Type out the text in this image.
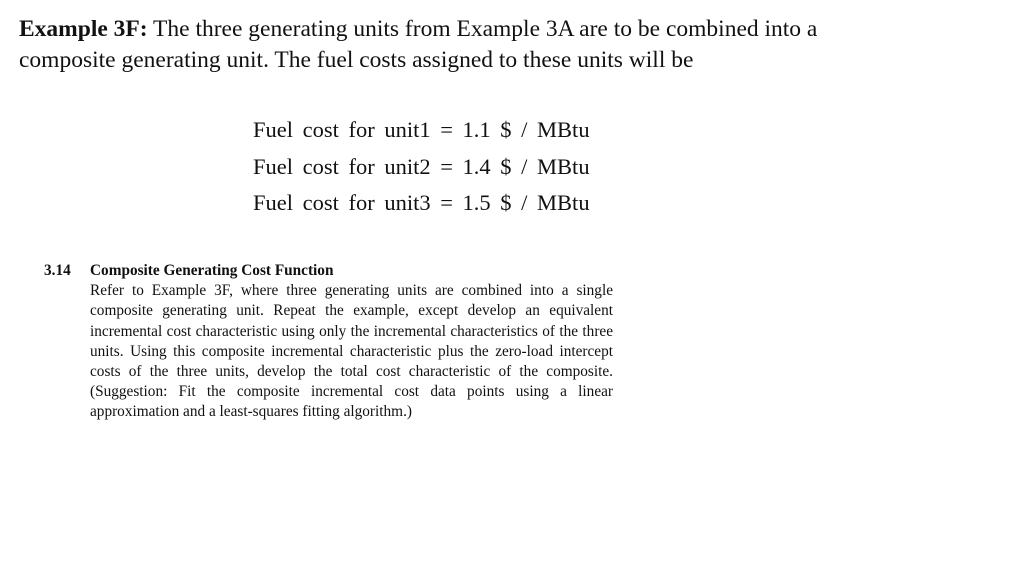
Example 3F: The three generating units from Example 3A are to be combined into a composite generating unit. The fuel costs assigned to these units will be
Fuel cost for unit1 = 1.1 $ / MBtu
Fuel cost for unit2 = 1.4 $ / MBtu
Fuel cost for unit3 = 1.5 $ / MBtu
3.14	Composite Generating Cost Function
Refer to Example 3F, where three generating units are combined into a single composite generating unit. Repeat the example, except develop an equivalent incremental cost characteristic using only the incremental characteristics of the three units. Using this composite incremental characteristic plus the zero-load intercept costs of the three units, develop the total cost characteristic of the composite. (Suggestion: Fit the composite incremental cost data points using a linear approximation and a least-squares fitting algorithm.)
